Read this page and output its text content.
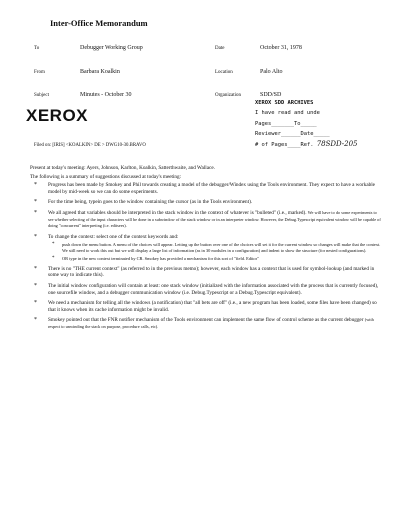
Inter-Office Memorandum
To	Debugger Working Group	Date	October 31, 1978
From	Barbara Koalkin	Location	Palo Alto
Subject	Minutes - October 30	Organization	SDD/SD
XEROX
XEROX SDD ARCHIVES
I have read and unde
Pages_______To_____
Reviewer______Date_____
# of Pages____Ref. 78SDD-205
Filed on: [IRIS] <KOALKIN> DE > DWG10-30.BRAVO

Present at today's meeting: Ayers, Johnson, Karlton, Koalkin, Satterthwaite, and Wallace.

The following is a summary of suggestions discussed at today's meeting:

* Progress has been made by Smokey and Phil towards creating a model of the debugger/Windex using the Tools environment. They expect to have a workable model by mid-week so we can do some experiments.
* For the time being, typein goes to the window containing the cursor (as in the Tools environment).
* We all agreed that variables should be interpreted in the stack window in the context of whatever is "bulleted" (i.e., marked). We will have to do some experiments to see whether selecting of the input characters will be done in a subwindow of the stack window or in an interpreter window. However, the Debug.Typescript equivalent window will be capable of doing "concurrent" interpreting (i.e. editsees).
* To change the context: select one of the context keywords and:
* push down the menu button. A menu of the choices will appear. Letting up the button over one of the choices will set it for the current window so changes will make that the context. We still need to work this out but we will display a large list of information (as in 30 modules in a configuration) and indent to show the structure (for nested configurations).
* OR type in the new context terminated by CR. Smokey has provided a mechanism for this sort of "field. Editor"
* There is no "THE current context" (as referred to in the previous memo); however, each window has a context that is used for symbol-lookup (and marked in some way to indicate this).
* The initial window configuration will contain at least: one stack window (initialized with the information associated with the process that is currently focused), one sourcefile window, and a debugger communication window (i.e. Debug.Typescript or a Debug.Typescript equivalent).
* We need a mechanism for telling all the windows (a notification) that "all bets are off" (i.e., a new program has been loaded, some files have been changed) so that it knows when its cache information might be invalid.
* Smokey pointed out that the FNR notifier mechanism of the Tools environment can implement the same flow of control scheme as the current debugger (with respect to unwinding the stack on purpose, procedure calls, etc).
